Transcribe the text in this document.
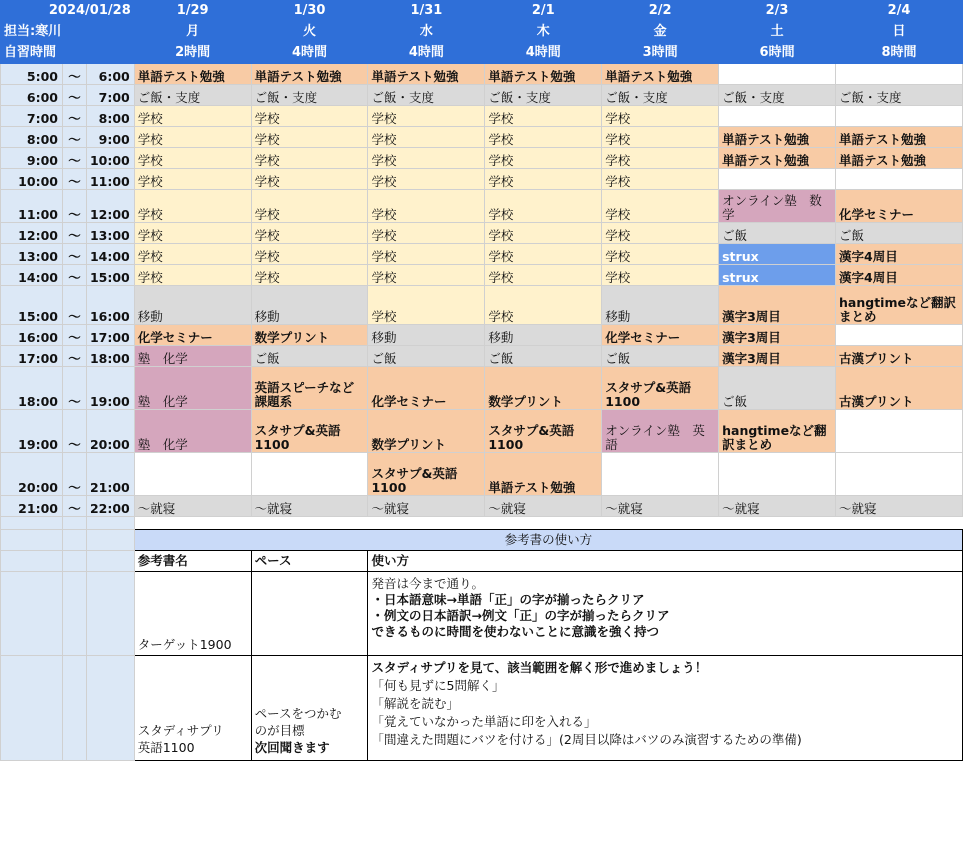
2024/01/28			1/29	1/30	1/31	2/1	2/2	2/3	2/4
担当:寒川			月	火	水	木	金	土	日
自習時間			2時間	4時間	4時間	4時間	3時間	6時間	8時間
5:00	～	6:00	単語テスト勉強	単語テスト勉強	単語テスト勉強	単語テスト勉強	単語テスト勉強		
6:00	～	7:00	ご飯・支度	ご飯・支度	ご飯・支度	ご飯・支度	ご飯・支度	ご飯・支度	ご飯・支度
7:00	～	8:00	学校	学校	学校	学校	学校		
8:00	～	9:00	学校	学校	学校	学校	学校	単語テスト勉強	単語テスト勉強
9:00	～	10:00	学校	学校	学校	学校	学校	単語テスト勉強	単語テスト勉強
10:00	～	11:00	学校	学校	学校	学校	学校		
11:00	～	12:00	学校	学校	学校	学校	学校	オンライン塾　数学	化学セミナー
12:00	～	13:00	学校	学校	学校	学校	学校	ご飯	ご飯
13:00	～	14:00	学校	学校	学校	学校	学校	strux	漢字4周目
14:00	～	15:00	学校	学校	学校	学校	学校	strux	漢字4周目
15:00	～	16:00	移動	移動	学校	学校	移動	漢字3周目	hangtimeなど翻訳まとめ
16:00	～	17:00	化学セミナー	数学プリント	移動	移動	化学セミナー	漢字3周目	
17:00	～	18:00	塾　化学	ご飯	ご飯	ご飯	ご飯	漢字3周目	古漢プリント
18:00	～	19:00	塾　化学	英語スピーチなど課題系	化学セミナー	数学プリント	スタサプ&英語1100	ご飯	古漢プリント
19:00	～	20:00	塾　化学	スタサプ&英語1100	数学プリント	スタサプ&英語1100	オンライン塾　英語	hangtimeなど翻訳まとめ	
20:00	～	21:00			スタサプ&英語1100	単語テスト勉強			
21:00	～	22:00	～就寝	～就寝	～就寝	～就寝	～就寝	～就寝	～就寝

			参考書の使い方						
			参考書名	ペース	使い方				
			ターゲット1900		発音は今まで通り。
・日本語意味→単語「正」の字が揃ったらクリア
・例文の日本語訳→例文「正」の字が揃ったらクリア
できるものに時間を使わないことに意識を強く持つ				

			スタディサプリ
英語1100	ペースをつかむ
のが目標
次回聞きます	スタディサプリを見て、該当範囲を解く形で進めましょう！
「何も見ずに5問解く」
「解説を読む」
「覚えていなかった単語に印を入れる」
「間違えた問題にバツを付ける」(2周目以降はバツのみ演習するための準備)				
